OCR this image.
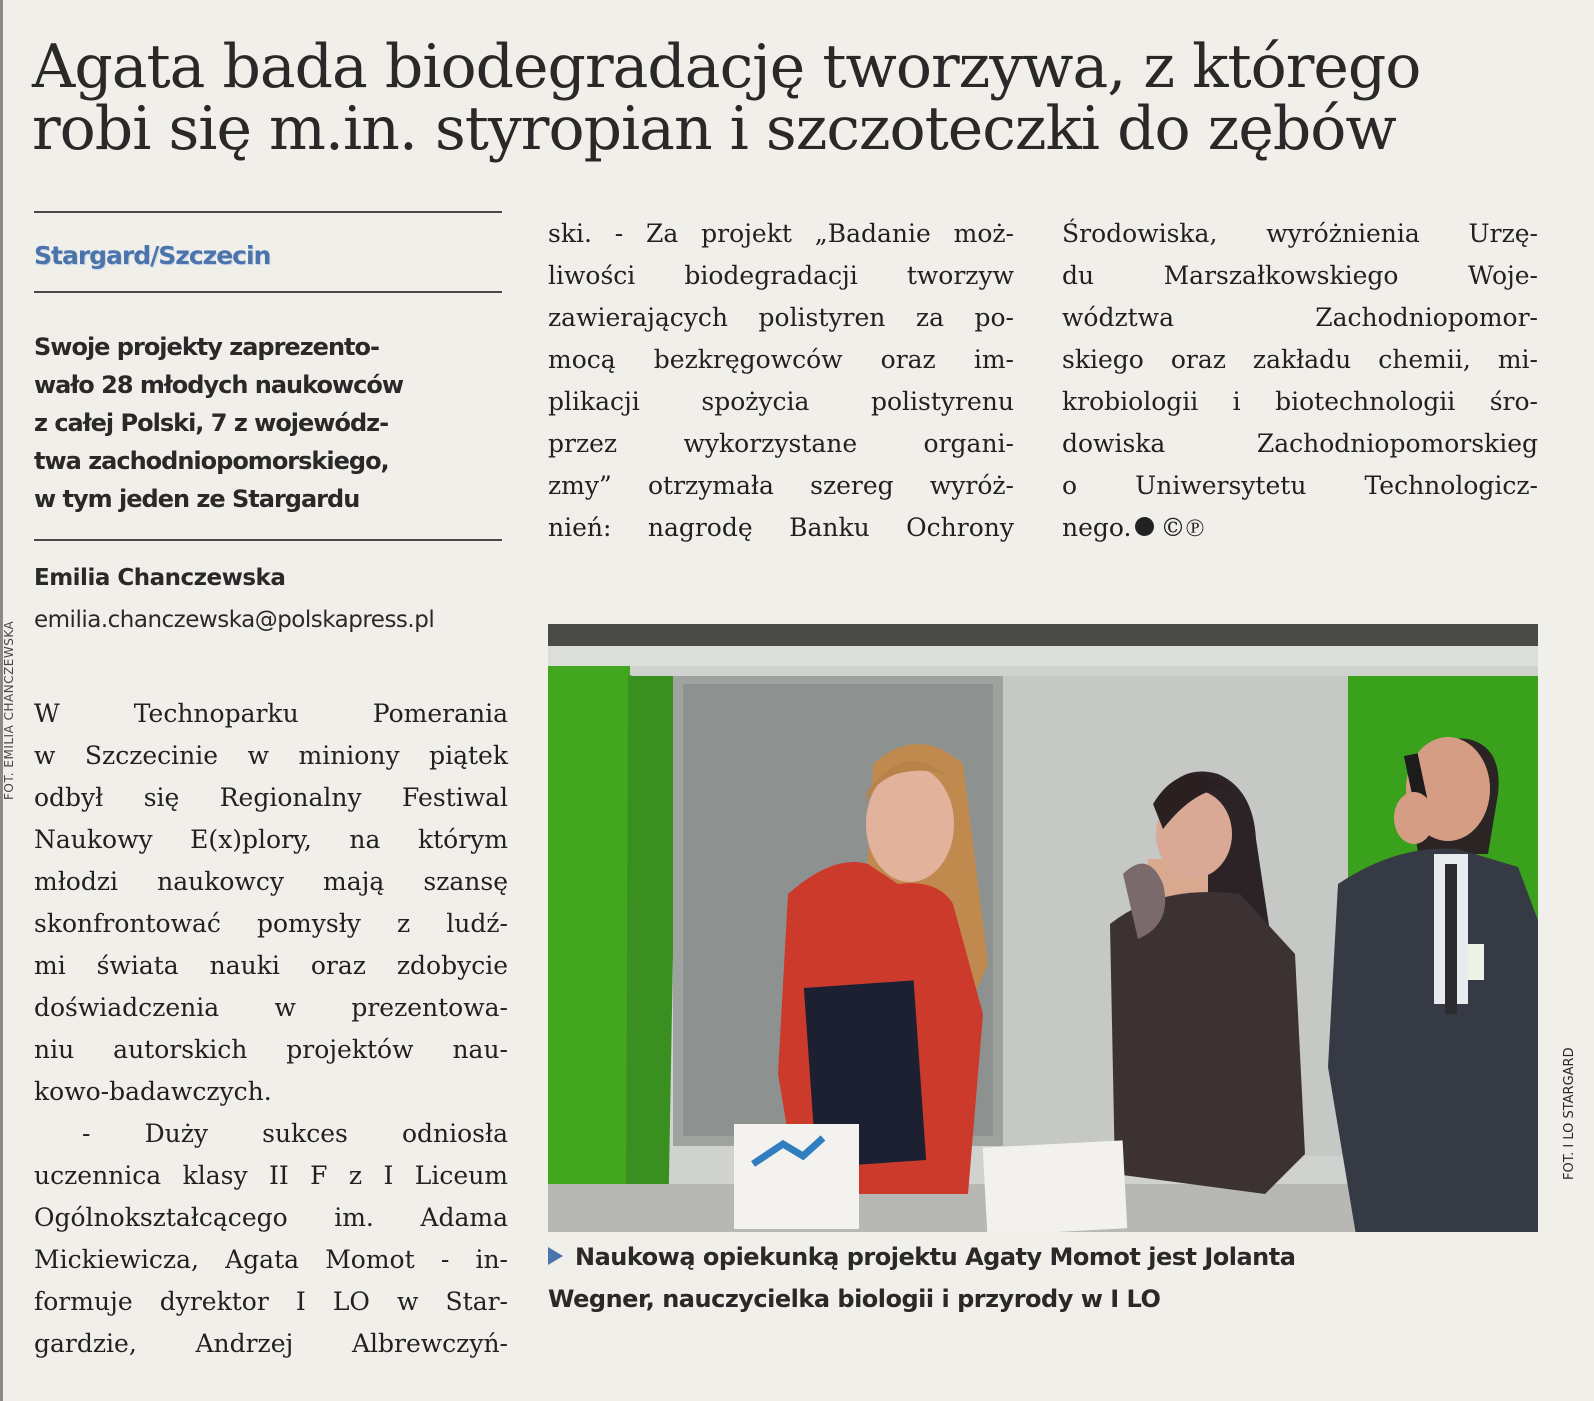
Agata bada biodegradację tworzywa, z którego
robi się m.in. styropian i szczoteczki do zębów
Stargard/Szczecin
Swoje projekty zaprezento-
wało 28 młodych naukowców
z całej Polski, 7 z wojewódz-
twa zachodniopomorskiego,
w tym jeden ze Stargardu
Emilia Chanczewska
emilia.chanczewska@polskapress.pl
FOT. EMILIA CHANCZEWSKA W Technoparku Pomerania
w Szczecinie w miniony piątek
odbył się Regionalny Festiwal
Naukowy E(x)plory, na którym
młodzi naukowcy mają szansę
skonfrontować pomysły z ludź-
mi świata nauki oraz zdobycie
doświadczenia w prezentowa-
niu autorskich projektów nau-
kowo-badawczych.
- Duży sukces odniosła
uczennica klasy II F z I Liceum
Ogólnokształcącego im. Adama
Mickiewicza, Agata Momot - in-
formuje dyrektor I LO w Star-
gardzie, Andrzej Albrewczyń-
ski. - Za projekt „Badanie moż-
liwości biodegradacji tworzyw
zawierających polistyren za po-
mocą bezkręgowców oraz im-
plikacji spożycia polistyrenu
przez wykorzystane organi-
zmy” otrzymała szereg wyróż-
nień: nagrodę Banku Ochrony
Środowiska, wyróżnienia Urzę-
du Marszałkowskiego Woje-
wództwa Zachodniopomor-
skiego oraz zakładu chemii, mi-
krobiologii i biotechnologii śro-
dowiska Zachodniopomorskieg
o Uniwersytetu Technologicz-
nego. ©℗
FOT. I LO STARGARD
Naukową opiekunką projektu Agaty Momot jest Jolanta
Wegner, nauczycielka biologii i przyrody w I LO
